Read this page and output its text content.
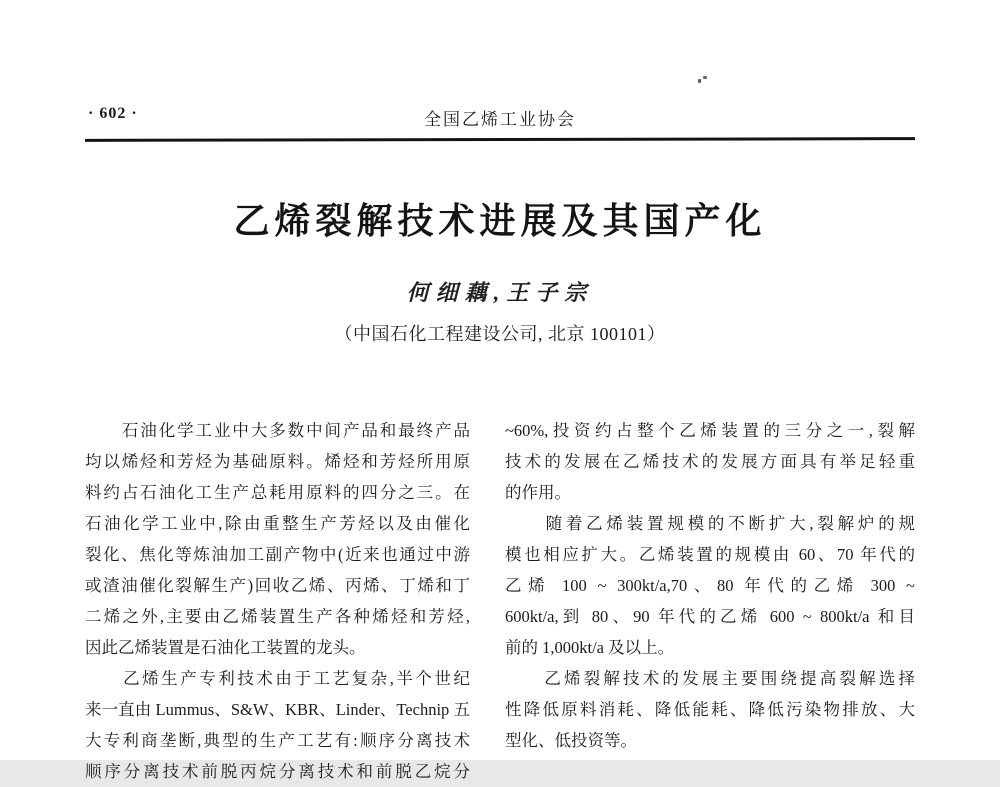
· 602 ·	全国乙烯工业协会
乙烯裂解技术进展及其国产化
何细藕,王子宗
（中国石化工程建设公司, 北京 100101）
　　石油化学工业中大多数中间产品和最终产品
均以烯烃和芳烃为基础原料。烯烃和芳烃所用原
料约占石油化工生产总耗用原料的四分之三。在
石油化学工业中,除由重整生产芳烃以及由催化
裂化、焦化等炼油加工副产物中(近来也通过中游
或渣油催化裂解生产)回收乙烯、丙烯、丁烯和丁
二烯之外,主要由乙烯装置生产各种烯烃和芳烃,
因此乙烯装置是石油化工装置的龙头。
　　乙烯生产专利技术由于工艺复杂,半个世纪
来一直由 Lummus、S&W、KBR、Linder、Technip 五
大专利商垄断,典型的生产工艺有:顺序分离技术
顺序分离技术前脱丙烷分离技术和前脱乙烷分
~60%,投资约占整个乙烯装置的三分之一,裂解
技术的发展在乙烯技术的发展方面具有举足轻重
的作用。
　　随着乙烯装置规模的不断扩大,裂解炉的规
模也相应扩大。乙烯装置的规模由 60、70 年代的
乙烯 100 ~ 300kt/a,70、80 年代的乙烯 300 ~
600kt/a,到 80、90 年代的乙烯 600 ~ 800kt/a 和目
前的 1,000kt/a 及以上。
　　乙烯裂解技术的发展主要围绕提高裂解选择
性降低原料消耗、降低能耗、降低污染物排放、大
型化、低投资等。
